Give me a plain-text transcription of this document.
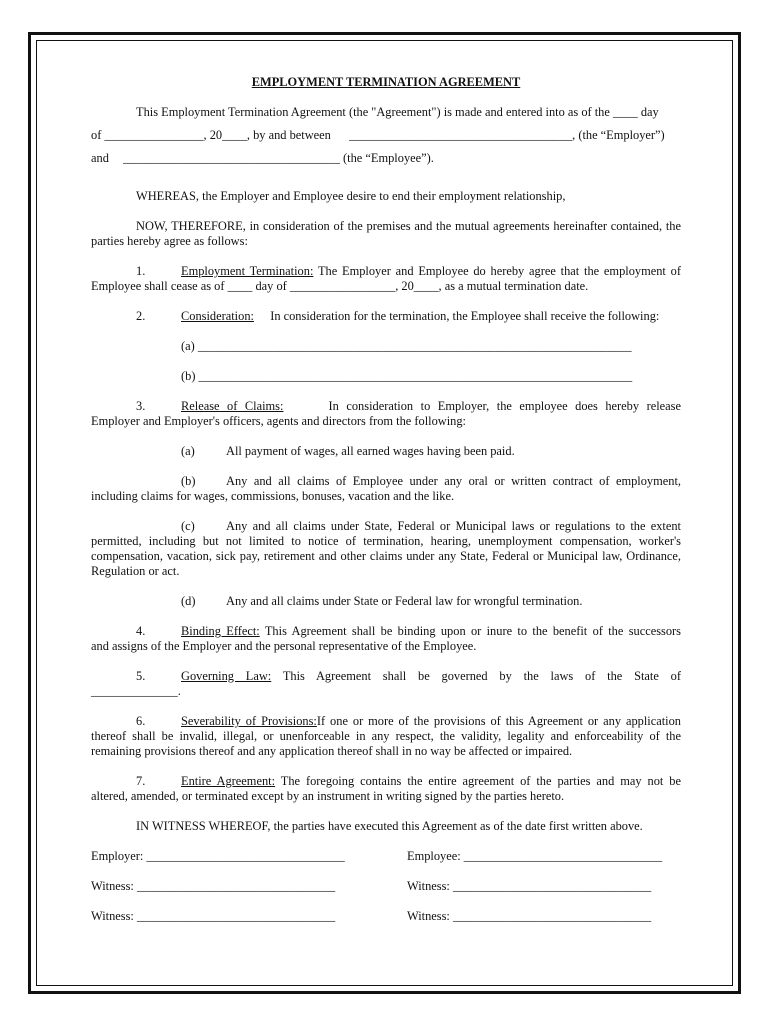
EMPLOYMENT TERMINATION AGREEMENT
This Employment Termination Agreement (the "Agreement") is made and entered into as of the ____ day
of ________________, 20____, by and between ____________________________________, (the “Employer”)
and ___________________________________ (the “Employee”).
WHEREAS, the Employer and Employee desire to end their employment relationship,
NOW, THEREFORE, in consideration of the premises and the mutual agreements hereinafter contained, the parties hereby agree as follows:
1.	Employment Termination: The Employer and Employee do hereby agree that the employment of
Employee shall cease as of ____ day of _________________, 20____, as a mutual termination date.
2.	Consideration: In consideration for the termination, the Employee shall receive the following:
(a) ______________________________________________________________________
(b) ______________________________________________________________________
3.	Release of Claims:	In consideration to Employer, the employee does hereby release
Employer and Employer's officers, agents and directors from the following:
(a)	All payment of wages, all earned wages having been paid.
(b) Any and all claims of Employee under any oral or written contract of employment,
including claims for wages, commissions, bonuses, vacation and the like.
(c)	Any and all claims under State, Federal or Municipal laws or regulations to the extent
permitted, including but not limited to notice of termination, hearing, unemployment compensation, worker's compensation, vacation, sick pay, retirement and other claims under any State, Federal or Municipal law, Ordinance, Regulation or act.
(d) Any and all claims under State or Federal law for wrongful termination.
4.	Binding Effect: This Agreement shall be binding upon or inure to the benefit of the successors
and assigns of the Employer and the personal representative of the Employee.
5.	Governing Law: This Agreement shall be governed by the laws of the State of
______________.
6.	Severability of Provisions:If one or more of the provisions of this Agreement or any application
thereof shall be invalid, illegal, or unenforceable in any respect, the validity, legality and enforceability of the remaining provisions thereof and any application thereof shall in no way be affected or impaired.
7.	Entire Agreement: The foregoing contains the entire agreement of the parties and may not be
altered, amended, or terminated except by an instrument in writing signed by the parties hereto.
IN WITNESS WHEREOF, the parties have executed this Agreement as of the date first written above.
Employer: ________________________________	Employee: ________________________________
Witness: ________________________________	Witness: ________________________________
Witness: ________________________________	Witness: ________________________________
